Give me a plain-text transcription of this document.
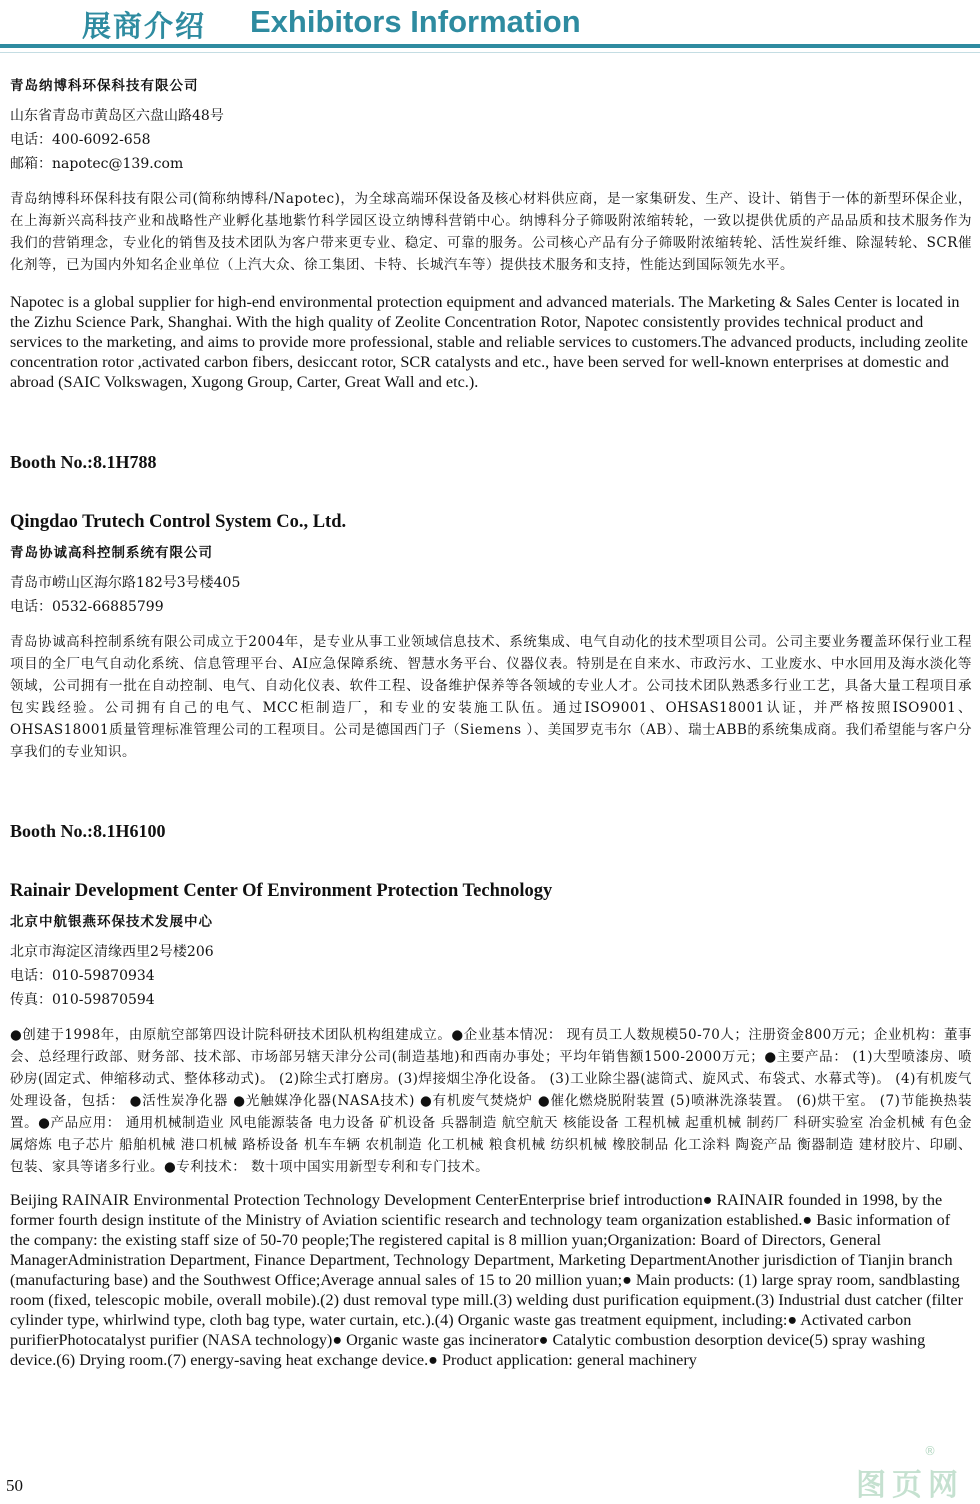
展商介绍 Exhibitors Information

青岛纳博科环保科技有限公司

山东省青岛市黄岛区六盘山路48号

电话：400-6092-658

邮箱：napotec@139.com

青岛纳博科环保科技有限公司(简称纳博科/Napotec)，为全球高端环保设备及核心材料供应商，是一家集研发、生产、设计、销售于一体的新型环保企业，在上海新兴高科技产业和战略性产业孵化基地紫竹科学园区设立纳博科营销中心。纳博科分子筛吸附浓缩转轮，一致以提供优质的产品品质和技术服务作为我们的营销理念，专业化的销售及技术团队为客户带来更专业、稳定、可靠的服务。公司核心产品有分子筛吸附浓缩转轮、活性炭纤维、除湿转轮、SCR催化剂等，已为国内外知名企业单位（上汽大众、徐工集团、卡特、长城汽车等）提供技术服务和支持，性能达到国际领先水平。

Napotec is a global supplier for high-end environmental protection equipment and advanced materials. The Marketing & Sales Center is located in the Zizhu Science Park, Shanghai. With the high quality of Zeolite Concentration Rotor, Napotec consistently provides technical product and services to the marketing, and aims to provide more professional, stable and reliable services to customers.The advanced products, including zeolite concentration rotor ,activated carbon fibers, desiccant rotor, SCR catalysts and etc., have been served for well-known enterprises at domestic and abroad (SAIC Volkswagen, Xugong Group, Carter, Great Wall and etc.).

Booth No.:8.1H788

Qingdao Trutech Control System Co., Ltd.

青岛协诚高科控制系统有限公司

青岛市崂山区海尔路182号3号楼405

电话：0532-66885799

青岛协诚高科控制系统有限公司成立于2004年，是专业从事工业领域信息技术、系统集成、电气自动化的技术型项目公司。公司主要业务覆盖环保行业工程项目的全厂电气自动化系统、信息管理平台、AI应急保障系统、智慧水务平台、仪器仪表。特别是在自来水、市政污水、工业废水、中水回用及海水淡化等领域，公司拥有一批在自动控制、电气、自动化仪表、软件工程、设备维护保养等各领域的专业人才。公司技术团队熟悉多行业工艺，具备大量工程项目承包实践经验。公司拥有自己的电气、MCC柜制造厂，和专业的安装施工队伍。通过ISO9001、OHSAS18001认证，并严格按照ISO9001、OHSAS18001质量管理标准管理公司的工程项目。公司是德国西门子（Siemens ）、美国罗克韦尔（AB）、瑞士ABB的系统集成商。我们希望能与客户分享我们的专业知识。

Booth No.:8.1H6100

Rainair Development Center Of Environment Protection Technology

北京中航银燕环保技术发展中心

北京市海淀区清缘西里2号楼206

电话：010-59870934

传真：010-59870594

●创建于1998年，由原航空部第四设计院科研技术团队机构组建成立。●企业基本情况： 现有员工人数规模50-70人；注册资金800万元；企业机构：董事会、总经理行政部、财务部、技术部、市场部另辖天津分公司(制造基地)和西南办事处；平均年销售额1500-2000万元；●主要产品： (1)大型喷漆房、喷砂房(固定式、伸缩移动式、整体移动式)。 (2)除尘式打磨房。(3)焊接烟尘净化设备。 (3)工业除尘器(滤筒式、旋风式、布袋式、水幕式等)。 (4)有机废气处理设备，包括： ●活性炭净化器 ●光触媒净化器(NASA技术) ●有机废气焚烧炉 ●催化燃烧脱附装置 (5)喷淋洗涤装置。 (6)烘干室。 (7)节能换热装置。●产品应用： 通用机械制造业 风电能源装备 电力设备 矿机设备 兵器制造 航空航天 核能设备 工程机械 起重机械 制药厂 科研实验室 冶金机械 有色金属熔炼 电子芯片 船舶机械 港口机械 路桥设备 机车车辆 农机制造 化工机械 粮食机械 纺织机械 橡胶制品 化工涂料 陶瓷产品 衡器制造 建材胶片、印刷、包装、家具等诸多行业。●专利技术： 数十项中国实用新型专利和专门技术。

Beijing RAINAIR Environmental Protection Technology Development CenterEnterprise brief introduction● RAINAIR founded in 1998, by the former fourth design institute of the Ministry of Aviation scientific research and technology team organization established.● Basic information of the company: the existing staff size of 50-70 people;The registered capital is 8 million yuan;Organization: Board of Directors, General ManagerAdministration Department, Finance Department, Technology Department, Marketing DepartmentAnother jurisdiction of Tianjin branch (manufacturing base) and the Southwest Office;Average annual sales of 15 to 20 million yuan;● Main products: (1) large spray room, sandblasting room (fixed, telescopic mobile, overall mobile).(2) dust removal type mill.(3) welding dust purification equipment.(3) Industrial dust catcher (filter cylinder type, whirlwind type, cloth bag type, water curtain, etc.).(4) Organic waste gas treatment equipment, including:● Activated carbon purifierPhotocatalyst purifier (NASA technology)● Organic waste gas incinerator● Catalytic combustion desorption device(5) spray washing device.(6) Drying room.(7) energy-saving heat exchange device.● Product application: general machinery

50
®
图页网
